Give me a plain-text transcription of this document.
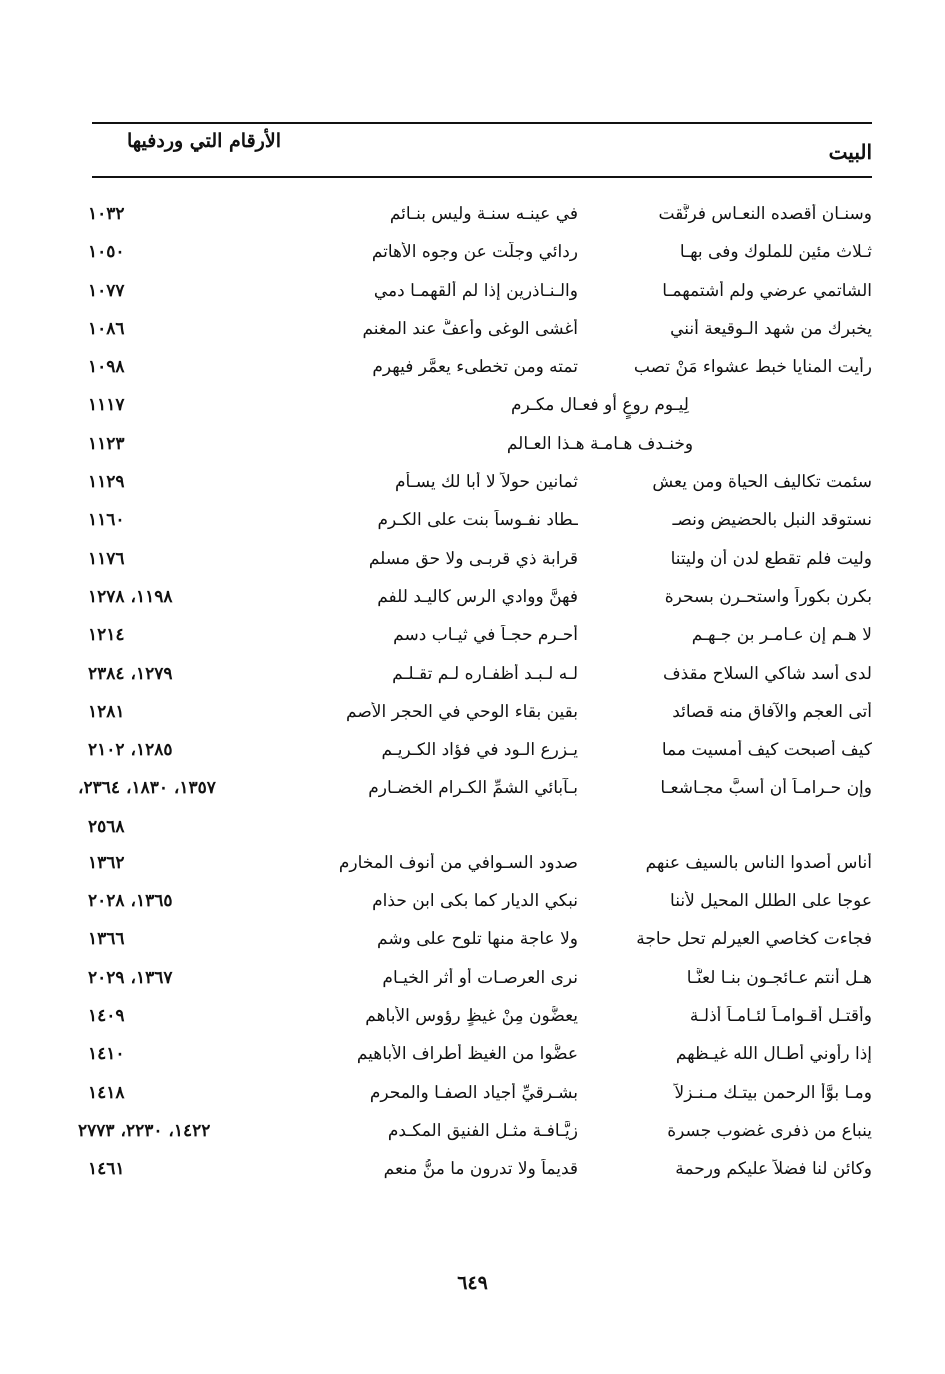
البيت
الأرقام التي وردفيها
وسنـان أقصده النعـاس فرنَّقت
في عينـه سنـة وليس بنـائم
١٠٣٢
ثـلاث مئين للملوك وفى بهـا
ردائي وجلَّت عن وجوه الأهاتم
١٠٥٠
الشاتمي عرضي ولم أشتمهمـا
والـنـاذرين إذا لم ألقهمـا دمي
١٠٧٧
يخبرك من شهد الـوقيعة أنني
أغشى الوغى وأعفُّ عند المغنم
١٠٨٦
رأيت المنايا خبط عشواء مَنْ تصب
تمته ومن تخطىء يعمَّر فيهرم
١٠٩٨
لِيـوم روعٍ أو فعـال مكـرم
١١١٧
وخنـدف هـامـة هـذا العـالم
١١٢٣
سئمت تكاليف الحياة ومن يعش
ثمانين حولاً لا أبا لك يسـأم
١١٢٩
نستوقد النبل بالحضيض ونصـ
ـطاد نفـوساً بنت على الكـرم
١١٦٠
وليت فلم تقطع لدن أن وليتنا
قرابة ذي قربـى ولا حق مسلم
١١٧٦
بكرن بكوراً واستحـرن بسحرة
فهنَّ ووادي الرس كاليـد للفم
١١٩٨، ١٢٧٨
لا هـم إن عـامـر بن جـهـم
أحـرم حجـاً في ثيـاب دسم
١٢١٤
لدى أسد شاكي السلاح مقذف
لـه لـبـد أظفـاره لـم تقـلـم
١٢٧٩، ٢٣٨٤
أتى العجم والآفاق منه قصائد
بقين بقاء الوحي في الحجر الأصم
١٢٨١
كيف أصبحت كيف أمسيت مما
يـزرع الـود في فؤاد الكـريـم
١٢٨٥، ٢١٠٢
وإن حـرامـاً أن أسبَّ مجـاشعـا
بـآبائي الشمِّ الكـرام الخضـارم
١٣٥٧، ١٨٣٠، ٢٣٦٤،
٢٥٦٨
أناس أصدوا الناس بالسيف عنهم
صدود السـوافي من أنوف المخارم
١٣٦٢
عوجا على الطلل المحيل لأننا
نبكي الديار كما بكى ابن حذام
١٣٦٥، ٢٠٢٨
فجاءت كخاصي العيرلم تحل حاجة
ولا عاجة منها تلوح على وشم
١٣٦٦
هـل أنتم عـائجـون بنـا لعنَّـا
نرى العرصـات أو أثر الخيـام
١٣٦٧، ٢٠٢٩
وأقتـل أقـوامـاً لئـامـاً أذلـة
يعضُّون مِنْ غيظٍ رؤوس الأباهم
١٤٠٩
إذا رأوني أطـال الله غيـظهم
عضُّوا من الغيظ أطراف الأباهيم
١٤١٠
ومـا بوَّأ الرحمن بيتـك مـنـزلاً
بشـرقيِّ أجياد الصفـا والمحرم
١٤١٨
ينباع من ذفرى غضوب جسرة
زيَّـافـة مثـل الفنيق المكـدم
١٤٢٢، ٢٢٣٠، ٢٧٧٣
وكائن لنا فضلاً عليكم ورحمة
قديماً ولا تدرون ما منُّ منعم
١٤٦١
٦٤٩
